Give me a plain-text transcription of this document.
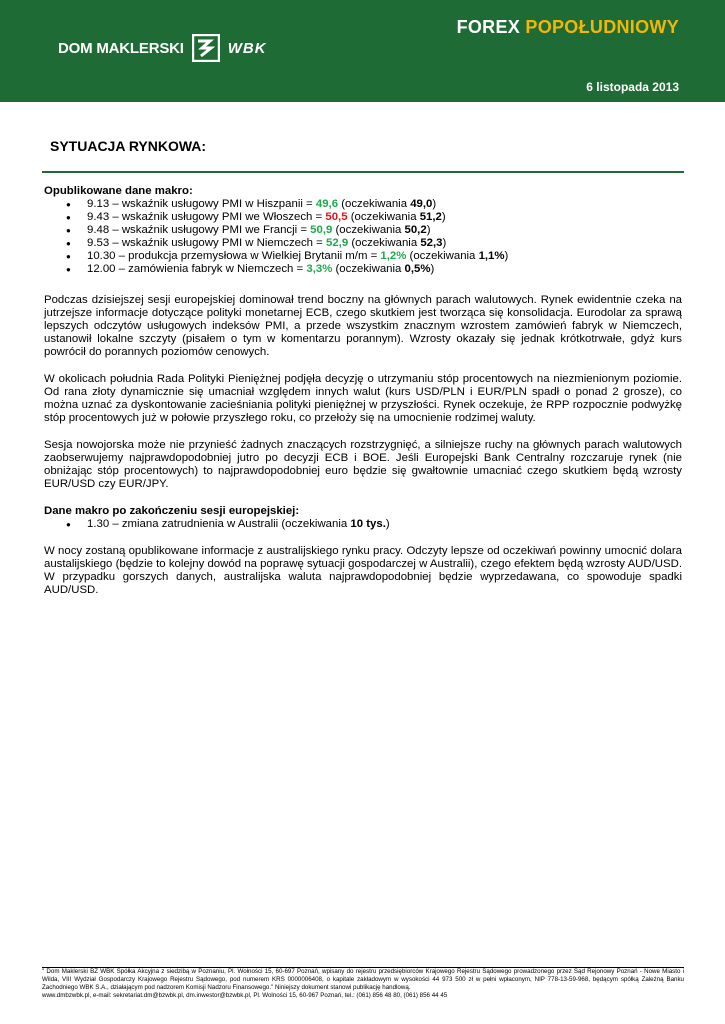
DOM MAKLERSKI	WBK
FOREX POPOŁUDNIOWY
6 listopada 2013
SYTUACJA RYNKOWA:

Opublikowane dane makro:

● 9.13 – wskaźnik usługowy PMI w Hiszpanii = 49,6 (oczekiwania 49,0)
● 9.43 – wskaźnik usługowy PMI we Włoszech = 50,5 (oczekiwania 51,2)
● 9.48 – wskaźnik usługowy PMI we Francji = 50,9 (oczekiwania 50,2)
● 9.53 – wskaźnik usługowy PMI w Niemczech = 52,9 (oczekiwania 52,3)
● 10.30 – produkcja przemysłowa w Wielkiej Brytanii m/m = 1,2% (oczekiwania 1,1%)
● 12.00 – zamówienia fabryk w Niemczech = 3,3% (oczekiwania 0,5%)

Podczas dzisiejszej sesji europejskiej dominował trend boczny na głównych parach walutowych. Rynek ewidentnie czeka na jutrzejsze informacje dotyczące polityki monetarnej ECB, czego skutkiem jest tworząca się konsolidacja. Eurodolar za sprawą lepszych odczytów usługowych indeksów PMI, a przede wszystkim znacznym wzrostem zamówień fabryk w Niemczech, ustanowił lokalne szczyty (pisałem o tym w komentarzu porannym). Wzrosty okazały się jednak krótkotrwałe, gdyż kurs powrócił do porannych poziomów cenowych.

W okolicach południa Rada Polityki Pieniężnej podjęła decyzję o utrzymaniu stóp procentowych na niezmienionym poziomie. Od rana złoty dynamicznie się umacniał względem innych walut (kurs USD/PLN i EUR/PLN spadł o ponad 2 grosze), co można uznać za dyskontowanie zacieśniania polityki pieniężnej w przyszłości. Rynek oczekuje, że RPP rozpocznie podwyżkę stóp procentowych już w połowie przyszłego roku, co przełoży się na umocnienie rodzimej waluty.

Sesja nowojorska może nie przynieść żadnych znaczących rozstrzygnięć, a silniejsze ruchy na głównych parach walutowych zaobserwujemy najprawdopodobniej jutro po decyzji ECB i BOE. Jeśli Europejski Bank Centralny rozczaruje rynek (nie obniżając stóp procentowych) to najprawdopodobniej euro będzie się gwałtownie umacniać czego skutkiem będą wzrosty EUR/USD czy EUR/JPY.

Dane makro po zakończeniu sesji europejskiej:

● 1.30 – zmiana zatrudnienia w Australii (oczekiwania 10 tys.)

W nocy zostaną opublikowane informacje z australijskiego rynku pracy. Odczyty lepsze od oczekiwań powinny umocnić dolara austalijskiego (będzie to kolejny dowód na poprawę sytuacji gospodarczej w Australii), czego efektem będą wzrosty AUD/USD. W przypadku gorszych danych, australijska waluta najprawdopodobniej będzie wyprzedawana, co spowoduje spadki AUD/USD.

" Dom Maklerski BZ WBK Spółka Akcyjna z siedzibą w Poznaniu, Pl. Wolności 15, 60-697 Poznań, wpisany do rejestru przedsiębiorców Krajowego Rejestru Sądowego prowadzonego przez Sąd Rejonowy Poznań - Nowe Miasto i Wilda, VIII Wydział Gospodarczy Krajowego Rejestru Sądowego, pod numerem KRS 0000006408, o kapitale zakładowym w wysokości 44 973 500 zł w pełni wpłaconym, NIP 778-13-59-968, będącym spółką Zależną Banku Zachodniego WBK S.A., działającym pod nadzorem Komisji Nadzoru Finansowego." Niniejszy dokument stanowi publikację handlową.
www.dmbzwbk.pl, e-mail: sekretariat.dm@bzwbk.pl, dm.inwestor@bzwbk.pl, Pl. Wolności 15, 60-967 Poznań, tel.: (061) 856 48 80, (061) 856 44 45
